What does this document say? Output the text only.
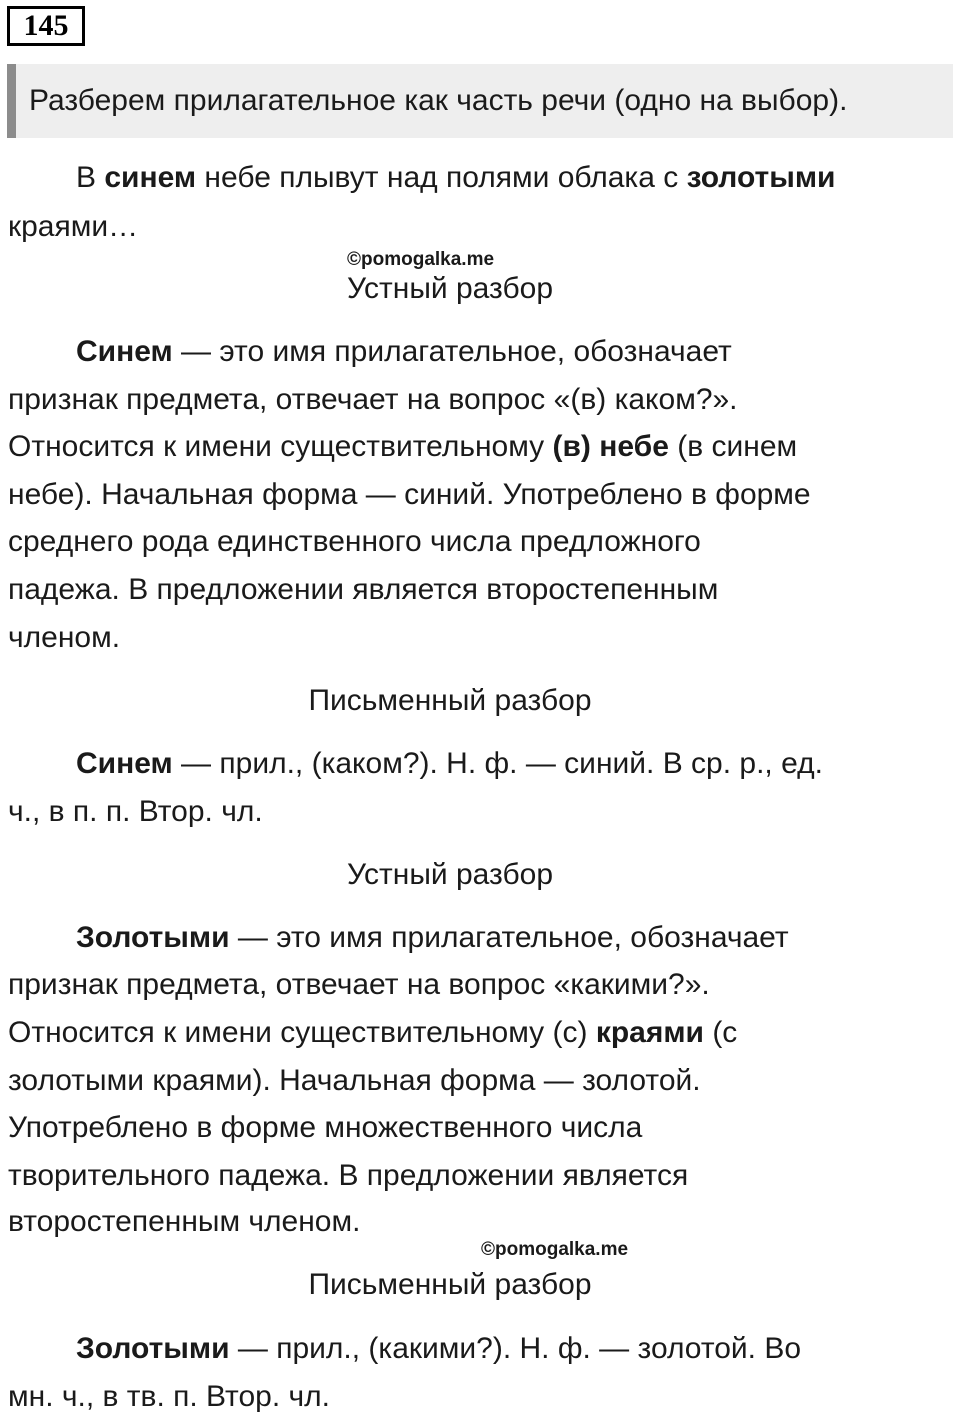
145
Разберем прилагательное как часть речи (одно на выбор).
В синем небе плывут над полями облака с золотыми
краями…
©pomogalka.me
Устный разбор
Синем — это имя прилагательное, обозначает
признак предмета, отвечает на вопрос «(в) каком?».
Относится к имени существительному (в) небе (в синем
небе). Начальная форма — синий. Употреблено в форме
среднего рода единственного числа предложного
падежа. В предложении является второстепенным
членом.
Письменный разбор
Синем — прил., (каком?). Н. ф. — синий. В ср. р., ед.
ч., в п. п. Втор. чл.
Устный разбор
Золотыми — это имя прилагательное, обозначает
признак предмета, отвечает на вопрос «какими?».
Относится к имени существительному (с) краями (с
золотыми краями). Начальная форма — золотой.
Употреблено в форме множественного числа
творительного падежа. В предложении является
второстепенным членом.
©pomogalka.me
Письменный разбор
Золотыми — прил., (какими?). Н. ф. — золотой. Во
мн. ч., в тв. п. Втор. чл.
